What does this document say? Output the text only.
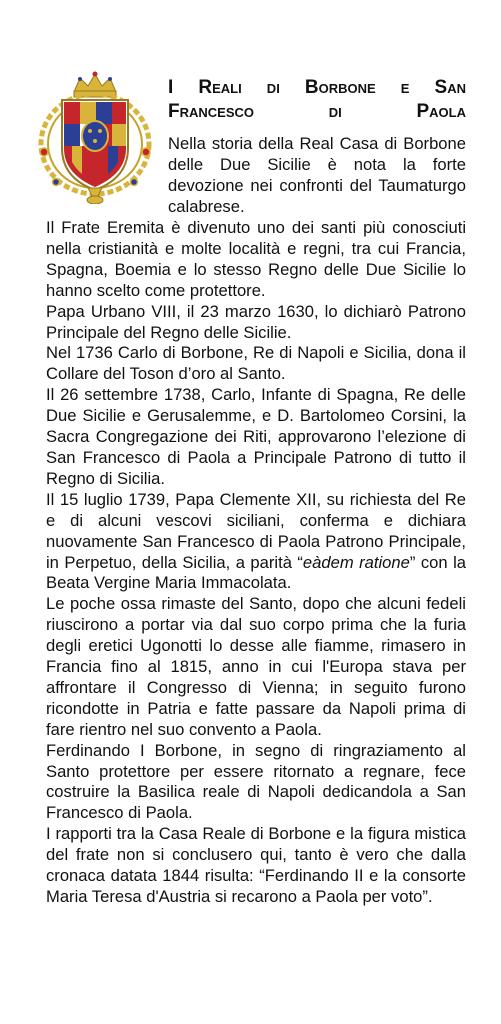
I Reali di Borbone e San
Francesco di Paola

Nella storia della Real Casa di Borbone delle Due Sicilie è nota la forte devozione nei confronti del Taumaturgo calabrese.

Il Frate Eremita è divenuto uno dei santi più conosciuti nella cristianità e molte località e regni, tra cui Francia, Spagna, Boemia e lo stesso Regno delle Due Sicilie lo hanno scelto come protettore.

Papa Urbano VIII, il 23 marzo 1630, lo dichiarò Patrono Principale del Regno delle Sicilie.

Nel 1736 Carlo di Borbone, Re di Napoli e Sicilia, dona il Collare del Toson d’oro al Santo.

Il 26 settembre 1738, Carlo, Infante di Spagna, Re delle Due Sicilie e Gerusalemme, e D. Bartolomeo Corsini, la Sacra Congregazione dei Riti, approvarono l’elezione di San Francesco di Paola a Principale Patrono di tutto il Regno di Sicilia.

Il 15 luglio 1739, Papa Clemente XII, su richiesta del Re e di alcuni vescovi siciliani, conferma e dichiara nuovamente San Francesco di Paola Patrono Principale, in Perpetuo, della Sicilia, a parità “eàdem ratione” con la Beata Vergine Maria Immacolata.

Le poche ossa rimaste del Santo, dopo che alcuni fedeli riuscirono a portar via dal suo corpo prima che la furia degli eretici Ugonotti lo desse alle fiamme, rimasero in Francia fino al 1815, anno in cui l'Europa stava per affrontare il Congresso di Vienna; in seguito furono ricondotte in Patria e fatte passare da Napoli prima di fare rientro nel suo convento a Paola.

Ferdinando I Borbone, in segno di ringraziamento al Santo protettore per essere ritornato a regnare, fece costruire la Basilica reale di Napoli dedicandola a San Francesco di Paola.

I rapporti tra la Casa Reale di Borbone e la figura mistica del frate non si conclusero qui, tanto è vero che dalla cronaca datata 1844 risulta: “Ferdinando II e la consorte Maria Teresa d'Austria si recarono a Paola per voto”.
